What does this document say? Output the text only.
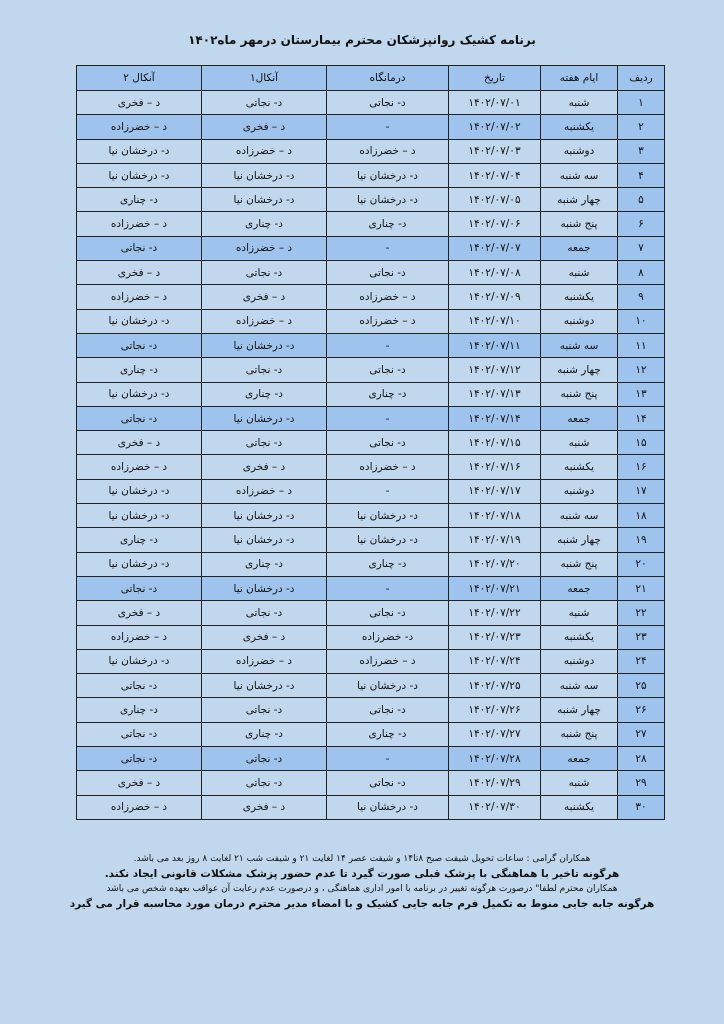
برنامه کشیک روانپزشکان محترم بیمارستان درمهر ماه۱۴۰۲
ردیف	ایام هفته	تاریخ	درمانگاه	آنکال۱	آنکال ۲
۱	شنبه	۱۴۰۲/۰۷/۰۱	د- نجاتی	د- نجاتی	د – فخری
۲	یکشنبه	۱۴۰۲/۰۷/۰۲	-	د – فخری	د – خضرزاده
۳	دوشنبه	۱۴۰۲/۰۷/۰۳	د – خضرزاده	د – خضرزاده	د- درخشان نیا
۴	سه شنبه	۱۴۰۲/۰۷/۰۴	د- درخشان نیا	د- درخشان نیا	د- درخشان نیا
۵	چهار شنبه	۱۴۰۲/۰۷/۰۵	د- درخشان نیا	د- درخشان نیا	د- چناری
۶	پنج شنبه	۱۴۰۲/۰۷/۰۶	د- چناری	د- چناری	د – خضرزاده
۷	جمعه	۱۴۰۲/۰۷/۰۷	-	د – خضرزاده	د- نجاتی
۸	شنبه	۱۴۰۲/۰۷/۰۸	د- نجاتی	د- نجاتی	د – فخری
۹	یکشنبه	۱۴۰۲/۰۷/۰۹	د – خضرزاده	د – فخری	د – خضرزاده
۱۰	دوشنبه	۱۴۰۲/۰۷/۱۰	د – خضرزاده	د – خضرزاده	د- درخشان نیا
۱۱	سه شنبه	۱۴۰۲/۰۷/۱۱	-	د- درخشان نیا	د- نجاتی
۱۲	چهار شنبه	۱۴۰۲/۰۷/۱۲	د- نجاتی	د- نجاتی	د- چناری
۱۳	پنج شنبه	۱۴۰۲/۰۷/۱۳	د- چناری	د- چناری	د- درخشان نیا
۱۴	جمعه	۱۴۰۲/۰۷/۱۴	-	د- درخشان نیا	د- نجاتی
۱۵	شنبه	۱۴۰۲/۰۷/۱۵	د- نجاتی	د- نجاتی	د – فخری
۱۶	یکشنبه	۱۴۰۲/۰۷/۱۶	د – خضرزاده	د – فخری	د – خضرزاده
۱۷	دوشنبه	۱۴۰۲/۰۷/۱۷	-	د – خضرزاده	د- درخشان نیا
۱۸	سه شنبه	۱۴۰۲/۰۷/۱۸	د- درخشان نیا	د- درخشان نیا	د- درخشان نیا
۱۹	چهار شنبه	۱۴۰۲/۰۷/۱۹	د- درخشان نیا	د- درخشان نیا	د- چناری
۲۰	پنج شنبه	۱۴۰۲/۰۷/۲۰	د- چناری	د- چناری	د- درخشان نیا
۲۱	جمعه	۱۴۰۲/۰۷/۲۱	-	د- درخشان نیا	د- نجاتی
۲۲	شنبه	۱۴۰۲/۰۷/۲۲	د- نجاتی	د- نجاتی	د – فخری
۲۳	یکشنبه	۱۴۰۲/۰۷/۲۳	د- خضرزاده	د – فخری	د – خضرزاده
۲۴	دوشنبه	۱۴۰۲/۰۷/۲۴	د – خضرزاده	د – خضرزاده	د- درخشان نیا
۲۵	سه شنبه	۱۴۰۲/۰۷/۲۵	د- درخشان نیا	د- درخشان نیا	د- نجاتی
۲۶	چهار شنبه	۱۴۰۲/۰۷/۲۶	د- نجاتی	د- نجاتی	د- چناری
۲۷	پنج شنبه	۱۴۰۲/۰۷/۲۷	د- چناری	د- چناری	د- نجاتی
۲۸	جمعه	۱۴۰۲/۰۷/۲۸	-	د- نجاتی	د- نجاتی
۲۹	شنبه	۱۴۰۲/۰۷/۲۹	د- نجاتی	د- نجاتی	د – فخری
۳۰	یکشنبه	۱۴۰۲/۰۷/۳۰	د- درخشان نیا	د – فخری	د – خضرزاده
همکاران گرامی : ساعات تحویل شیفت صبح ۸تا۱۴ و شیفت عصر ۱۴ لغایت ۲۱ و شیفت شب ۲۱ لغایت ۸ روز بعد می باشد.
هرگونه تاخیر با هماهنگی با پزشک قبلی صورت گیرد تا عدم حضور پزشک مشکلات قانونی ایجاد نکند.
همکاران محترم لطفا" درصورت هرگونه تغییر در برنامه با امور اداری هماهنگی ، و درصورت عدم رعایت آن عواقب بعهده شخص می باشد
هرگونه جابه جایی منوط به تکمیل فرم جابه جایی کشیک و با امضاء مدیر محترم درمان مورد محاسبه قرار می گیرد
